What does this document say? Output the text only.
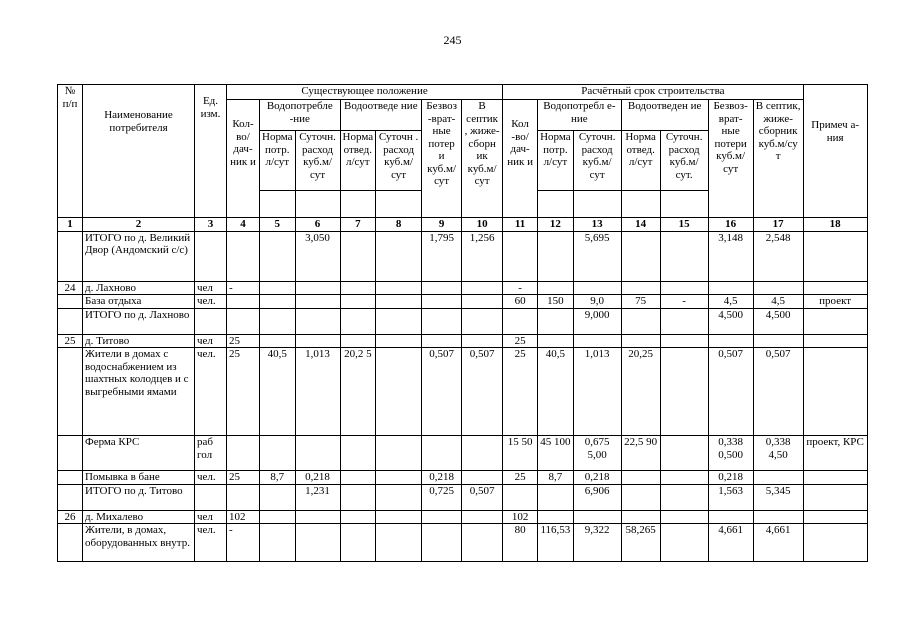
245
№ п/п	Наименование потребителя	Ед. изм.	Существующее положение							Расчётный срок строительства							Примеч а-ния
			Кол- во/ дач- ник и	Водопотребле -ние		Водоотведе ние		Безвоз -врат- ные потер и куб.м/ сут	В септик , жиже- сборн ик куб.м/ сут	Кол -во/ дач- ник и	Водопотребл е-ние		Водоотведен ие		Безвоз- врат- ные потери куб.м/ сут	В септик, жиже- сборник куб.м/су т	
				Норма потр. л/сут	Суточн. расход куб.м/ сут	Норма отвед. л/сут	Суточн . расход куб.м/ сут				Норма потр. л/сут	Суточн. расход куб.м/ сут	Норма отвед. л/сут	Суточн. расход куб.м/ сут.			

1	2	3	4	5	6	7	8	9	10	11	12	13	14	15	16	17	18
	ИТОГО по д. Великий Двор (Андомский с/с)				3,050			1,795	1,256			5,695			3,148	2,548	
24	д. Лахново	чел	-							-							
	База отдыха	чел.								60	150	9,0	75	-	4,5	4,5	проект
	ИТОГО по д. Лахново											9,000			4,500	4,500	
25	д. Титово	чел	25							25							
	Жители в домах с водоснабжением из шахтных колодцев и с выгребными ямами	чел.	25	40,5	1,013	20,2 5		0,507	0,507	25	40,5	1,013	20,25		0,507	0,507	
	Ферма КРС	раб гол								15 50	45 100	0,675 5,00	22,5 90		0,338 0,500	0,338 4,50	проект, КРС
	Помывка в бане	чел.	25	8,7	0,218			0,218		25	8,7	0,218			0,218		
	ИТОГО по д. Титово				1,231			0,725	0,507			6,906			1,563	5,345	
26	д. Михалево	чел	102							102							
	Жители, в домах, оборудованных внутр.	чел.	-							80	116,53	9,322	58,265		4,661	4,661	
